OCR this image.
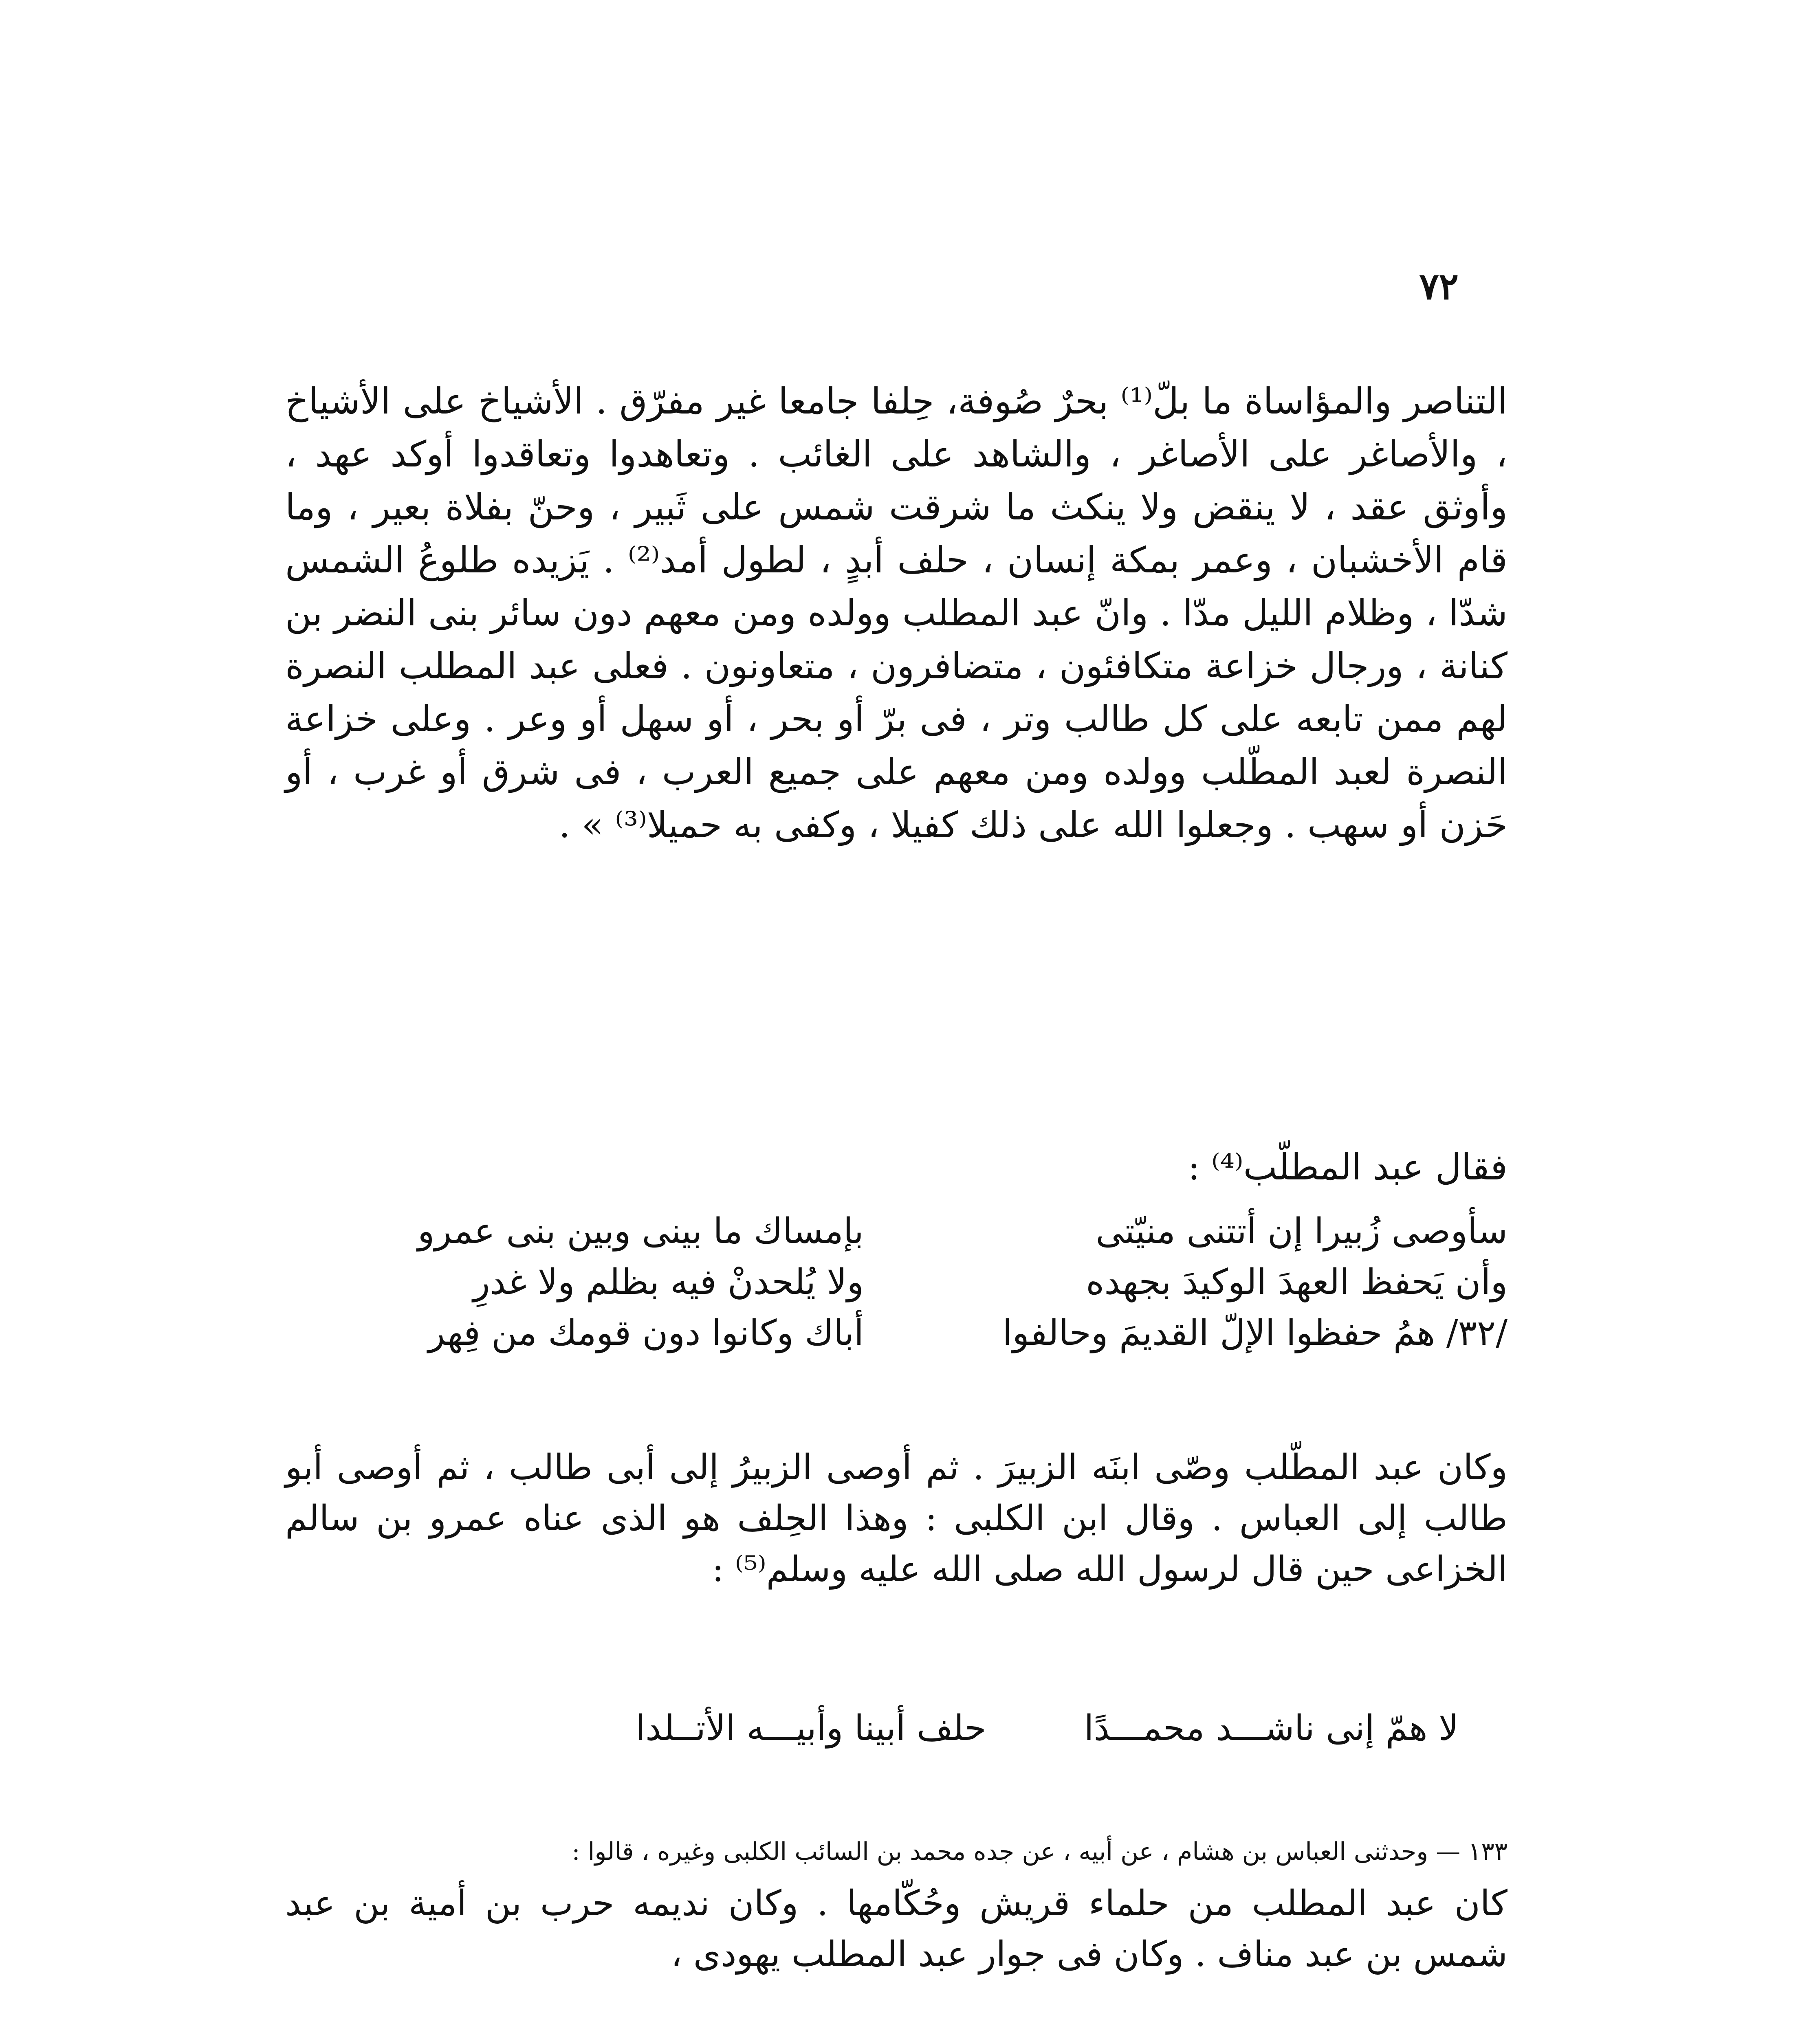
٧٢

التناصر والمؤاساة ما بلّ⁽¹⁾ بحرٌ صُوفة، حِلفا جامعا غير مفرّق . الأشياخ على الأشياخ ، والأصاغر على الأصاغر ، والشاهد على الغائب . وتعاهدوا وتعاقدوا أوكد عهد ، وأوثق عقد ، لا ينقض ولا ينكث ما شرقت شمس على ثَبير ، وحنّ بفلاة بعير ، وما قام الأخشبان ، وعمر بمكة إنسان ، حلف أبدٍ ، لطول أمد⁽²⁾ . يَزيده طلوعُ الشمس شدّا ، وظلام الليل مدّا . وانّ عبد المطلب وولده ومن معهم دون سائر بنى النضر بن كنانة ، ورجال خزاعة متكافئون ، متضافرون ، متعاونون . فعلى عبد المطلب النصرة لهم ممن تابعه على كل طالب وتر ، فى برّ أو بحر ، أو سهل أو وعر . وعلى خزاعة النصرة لعبد المطّلب وولده ومن معهم على جميع العرب ، فى شرق أو غرب ، أو حَزن أو سهب . وجعلوا الله على ذلك كفيلا ، وكفى به حميلا⁽³⁾ » .

فقال عبد المطلّب⁽⁴⁾ :
سأوصى زُبيرا إن أتتنى منيّتى
بإمساك ما بينى وبين بنى عمرو
وأن يَحفظ العهدَ الوكيدَ بجهده
ولا يُلحدنْ فيه بظلم ولا غدرِ
/٣٢/ همُ حفظوا الإلّ القديمَ وحالفوا
أباك وكانوا دون قومك من فِهر

وكان عبد المطّلب وصّى ابنَه الزبيرَ . ثم أوصى الزبيرُ إلى أبى طالب ، ثم أوصى أبو طالب إلى العباس . وقال ابن الكلبى : وهذا الحِلف هو الذى عناه عمرو بن سالم الخزاعى حين قال لرسول الله صلى الله عليه وسلم⁽⁵⁾ :

لا همّ إنى ناشـــد محمـــدًا
حلف أبينا وأبيـــه الأتــلدا
١٣٣ — وحدثنى العباس بن هشام ، عن أبيه ، عن جده محمد بن السائب الكلبى وغيره ، قالوا :

كان عبد المطلب من حلماء قريش وحُكّامها . وكان نديمه حرب بن أمية بن عبد شمس بن عبد مناف . وكان فى جوار عبد المطلب يهودى ،
